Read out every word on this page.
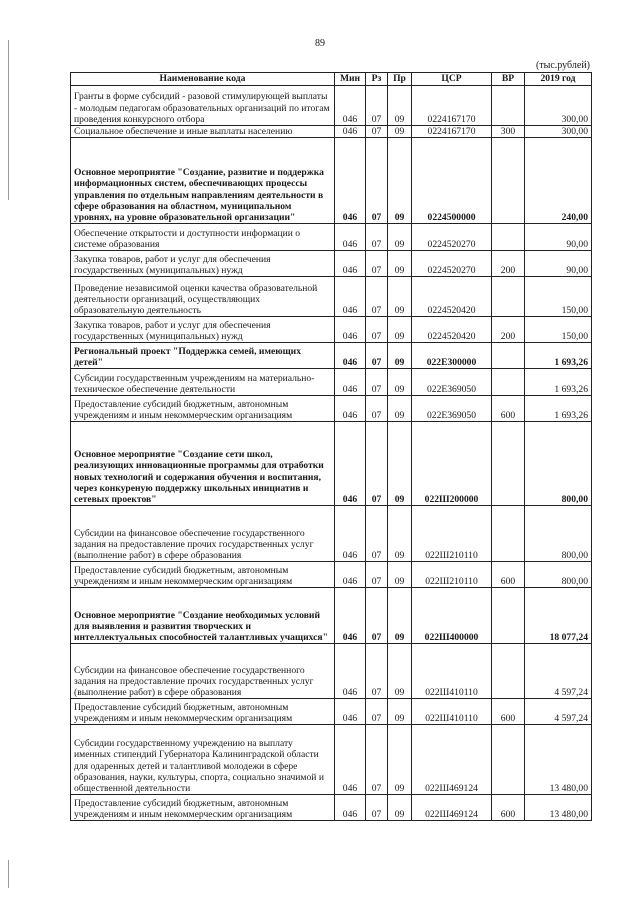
89
(тыс.рублей)
Наименование кода	Мин	Рз	Пр	ЦСР	ВР	2019 год
Гранты в форме субсидий - разовой стимулирующей выплаты - молодым педагогам образовательных организаций по итогам проведения конкурсного отбора	046	07	09	0224167170		300,00
Социальное обеспечение и иные выплаты населению	046	07	09	0224167170	300	300,00
Основное мероприятие "Создание, развитие и поддержка информационных систем, обеспечивающих процессы управления по отдельным направлениям деятельности в сфере образования на областном, муниципальном уровнях, на уровне образовательной организации"	046	07	09	0224500000		240,00
Обеспечение открытости и доступности информации о системе образования	046	07	09	0224520270		90,00
Закупка товаров, работ и услуг для обеспечения государственных (муниципальных) нужд	046	07	09	0224520270	200	90,00
Проведение независимой оценки качества образовательной деятельности организаций, осуществляющих образовательную деятельность	046	07	09	0224520420		150,00
Закупка товаров, работ и услуг для обеспечения государственных (муниципальных) нужд	046	07	09	0224520420	200	150,00
Региональный проект "Поддержка семей, имеющих детей"	046	07	09	022E300000		1 693,26
Субсидии государственным учреждениям на материально-техническое обеспечение деятельности	046	07	09	022E369050		1 693,26
Предоставление субсидий бюджетным, автономным учреждениям и иным некоммерческим организациям	046	07	09	022E369050	600	1 693,26
Основное мероприятие "Создание сети школ, реализующих инновационные программы для отработки новых технологий и содержания обучения и воспитания, через конкуреную поддержку школьных инициатив и сетевых проектов"	046	07	09	022Ш200000		800,00
Субсидии на финансовое обеспечение государственного задания на предоставление прочих государственных услуг (выполнение работ) в сфере образования	046	07	09	022Ш210110		800,00
Предоставление субсидий бюджетным, автономным учреждениям и иным некоммерческим организациям	046	07	09	022Ш210110	600	800,00
Основное мероприятие "Создание необходимых условий для выявления и развития творческих и интеллектуальных способностей талантливых учащихся"	046	07	09	022Ш400000		18 077,24
Субсидии на финансовое обеспечение государственного задания на предоставление прочих государственных услуг (выполнение работ) в сфере образования	046	07	09	022Ш410110		4 597,24
Предоставление субсидий бюджетным, автономным учреждениям и иным некоммерческим организациям	046	07	09	022Ш410110	600	4 597,24
Субсидии государственному учреждению на выплату именных стипендий Губернатора Калининградской области для одаренных детей и талантливой молодежи в сфере образования, науки, культуры, спорта, социально значимой и общественной деятельности	046	07	09	022Ш469124		13 480,00
Предоставление субсидий бюджетным, автономным учреждениям и иным некоммерческим организациям	046	07	09	022Ш469124	600	13 480,00
